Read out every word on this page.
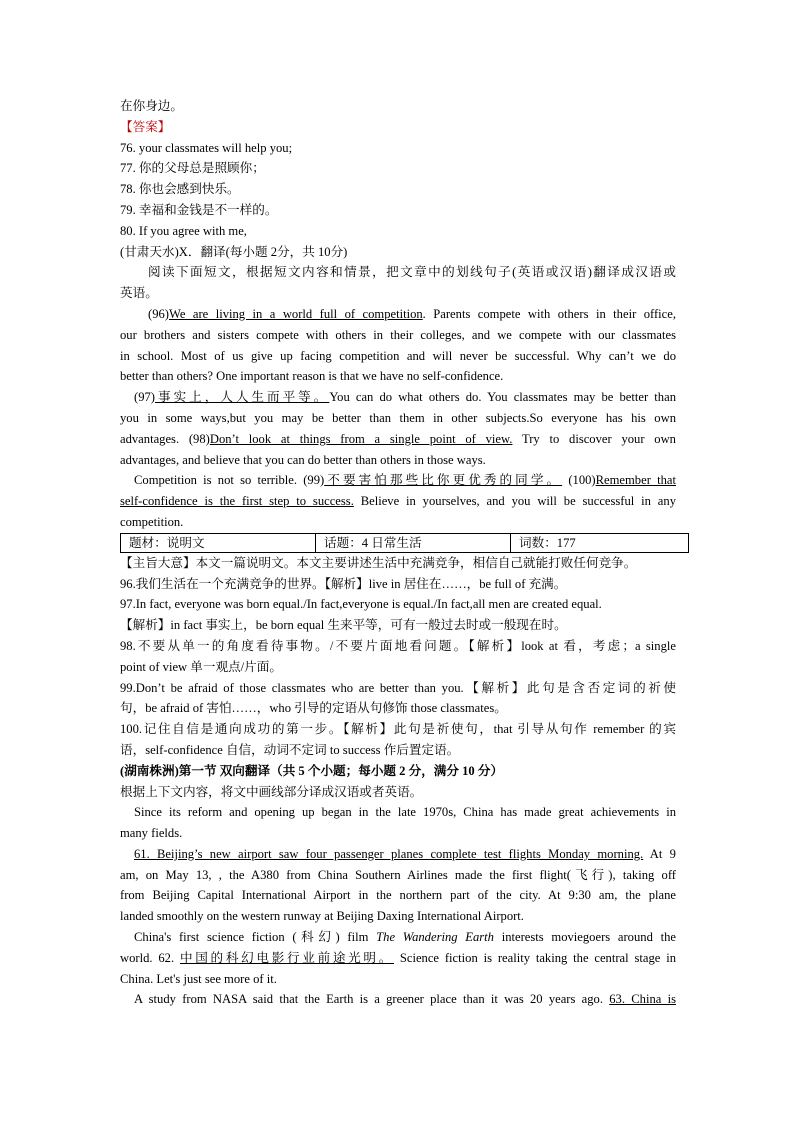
在你身边。
【答案】
76. your classmates will help you;
77. 你的父母总是照顾你；
78. 你也会感到快乐。
79. 幸福和金钱是不一样的。
80. If you agree with me,
(甘肃天水)X．翻译(每小题 2分，共 10分)
阅读下面短文，根据短文内容和情景，把文章中的划线句子(英语或汉语)翻译成汉语或
英语。
(96)We are living in a world full of competition. Parents compete with others in their office,
our brothers and sisters compete with others in their colleges, and we compete with our classmates
in school. Most of us give up facing competition and will never be successful. Why can’t we do
better than others? One important reason is that we have no self-confidence.
(97)事实上，人人生而平等。You can do what others do. You classmates may be better than
you in some ways,but you may be better than them in other subjects.So everyone has his own
advantages. (98)Don’t look at things from a single point of view. Try to discover your own
advantages, and believe that you can do better than others in those ways.
Competition is not so terrible. (99)不要害怕那些比你更优秀的同学。 (100)Remember that
self-confidence is the first step to success. Believe in yourselves, and you will be successful in any
competition.
题材：说明文	话题：4 日常生活	词数：177
【主旨大意】本文一篇说明文。本文主要讲述生活中充满竞争，相信自己就能打败任何竞争。
96.我们生活在一个充满竞争的世界。【解析】live in 居住在……，be full of 充满。
97.In fact, everyone was born equal./In fact,everyone is equal./In fact,all men are created equal.
【解析】in fact 事实上，be born equal 生来平等，可有一般过去时或一般现在时。
98.不要从单一的角度看待事物。/不要片面地看问题。【解析】look at 看，考虑；a single
point of view 单一观点/片面。
99.Don’t be afraid of those classmates who are better than you.【解析】此句是含否定词的祈使
句，be afraid of 害怕……，who 引导的定语从句修饰 those classmates。
100.记住自信是通向成功的第一步。【解析】此句是祈使句，that 引导从句作 remember 的宾
语，self-confidence 自信，动词不定词 to success 作后置定语。
(湖南株洲)第一节 双向翻译（共 5 个小题；每小题 2 分，满分 10 分）
根据上下文内容，将文中画线部分译成汉语或者英语。
Since its reform and opening up began in the late 1970s, China has made great achievements in
many fields.
61. Beijing’s new airport saw four passenger planes complete test flights Monday morning. At 9
am, on May 13, , the A380 from China Southern Airlines made the first flight(飞行), taking off
from Beijing Capital International Airport in the northern part of the city. At 9:30 am, the plane
landed smoothly on the western runway at Beijing Daxing International Airport.
China's first science fiction (科幻) film The Wandering Earth interests moviegoers around the
world. 62. 中国的科幻电影行业前途光明。 Science fiction is reality taking the central stage in
China. Let's just see more of it.
A study from NASA said that the Earth is a greener place than it was 20 years ago. 63. China is
